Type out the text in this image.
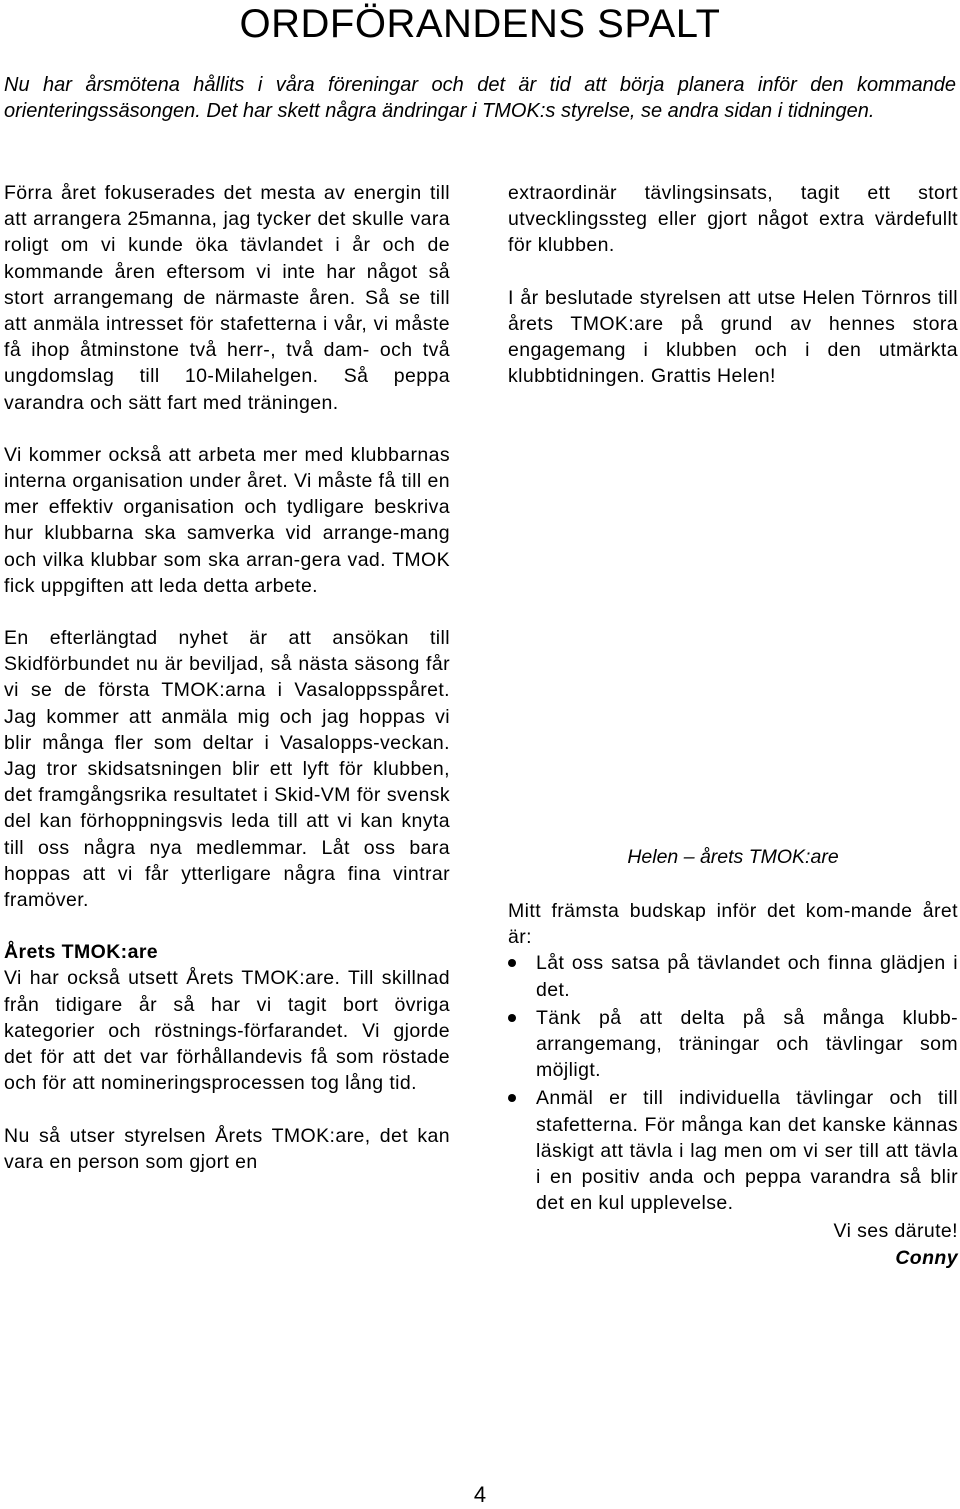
ORDFÖRANDENS SPALT
Nu har årsmötena hållits i våra föreningar och det är tid att börja planera inför den kommande orienteringssäsongen. Det har skett några ändringar i TMOK:s styrelse, se andra sidan i tidningen.

Förra året fokuserades det mesta av energin till att arrangera 25manna, jag tycker det skulle vara roligt om vi kunde öka tävlandet i år och de kommande åren eftersom vi inte har något så stort arrangemang de närmaste åren. Så se till att anmäla intresset för stafetterna i vår, vi måste få ihop åtminstone två herr-, två dam- och två ungdomslag till 10-Milahelgen. Så peppa varandra och sätt fart med träningen.

Vi kommer också att arbeta mer med klubbarnas interna organisation under året. Vi måste få till en mer effektiv organisation och tydligare beskriva hur klubbarna ska samverka vid arrange-mang och vilka klubbar som ska arran-gera vad. TMOK fick uppgiften att leda detta arbete.

En efterlängtad nyhet är att ansökan till Skidförbundet nu är beviljad, så nästa säsong får vi se de första TMOK:arna i Vasaloppsspåret. Jag kommer att anmäla mig och jag hoppas vi blir många fler som deltar i Vasalopps-veckan. Jag tror skidsatsningen blir ett lyft för klubben, det framgångsrika resultatet i Skid-VM för svensk del kan förhoppningsvis leda till att vi kan knyta till oss några nya medlemmar. Låt oss bara hoppas att vi får ytterligare några fina vintrar framöver.

Årets TMOK:are
Vi har också utsett Årets TMOK:are. Till skillnad från tidigare år så har vi tagit bort övriga kategorier och röstnings-förfarandet. Vi gjorde det för att det var förhållandevis få som röstade och för att nomineringsprocessen tog lång tid.

Nu så utser styrelsen Årets TMOK:are, det kan vara en person som gjort en

extraordinär tävlingsinsats, tagit ett stort utvecklingssteg eller gjort något extra värdefullt för klubben.

I år beslutade styrelsen att utse Helen Törnros till årets TMOK:are på grund av hennes stora engagemang i klubben och i den utmärkta klubbtidningen. Grattis Helen!

Helen – årets TMOK:are

Mitt främsta budskap inför det kom-mande året är:

Låt oss satsa på tävlandet och finna glädjen i det.
Tänk på att delta på så många klubb-arrangemang, träningar och tävlingar som möjligt.
Anmäl er till individuella tävlingar och till stafetterna. För många kan det kanske kännas läskigt att tävla i lag men om vi ser till att tävla i en positiv anda och peppa varandra så blir det en kul upplevelse.
Vi ses därute!
Conny
4
